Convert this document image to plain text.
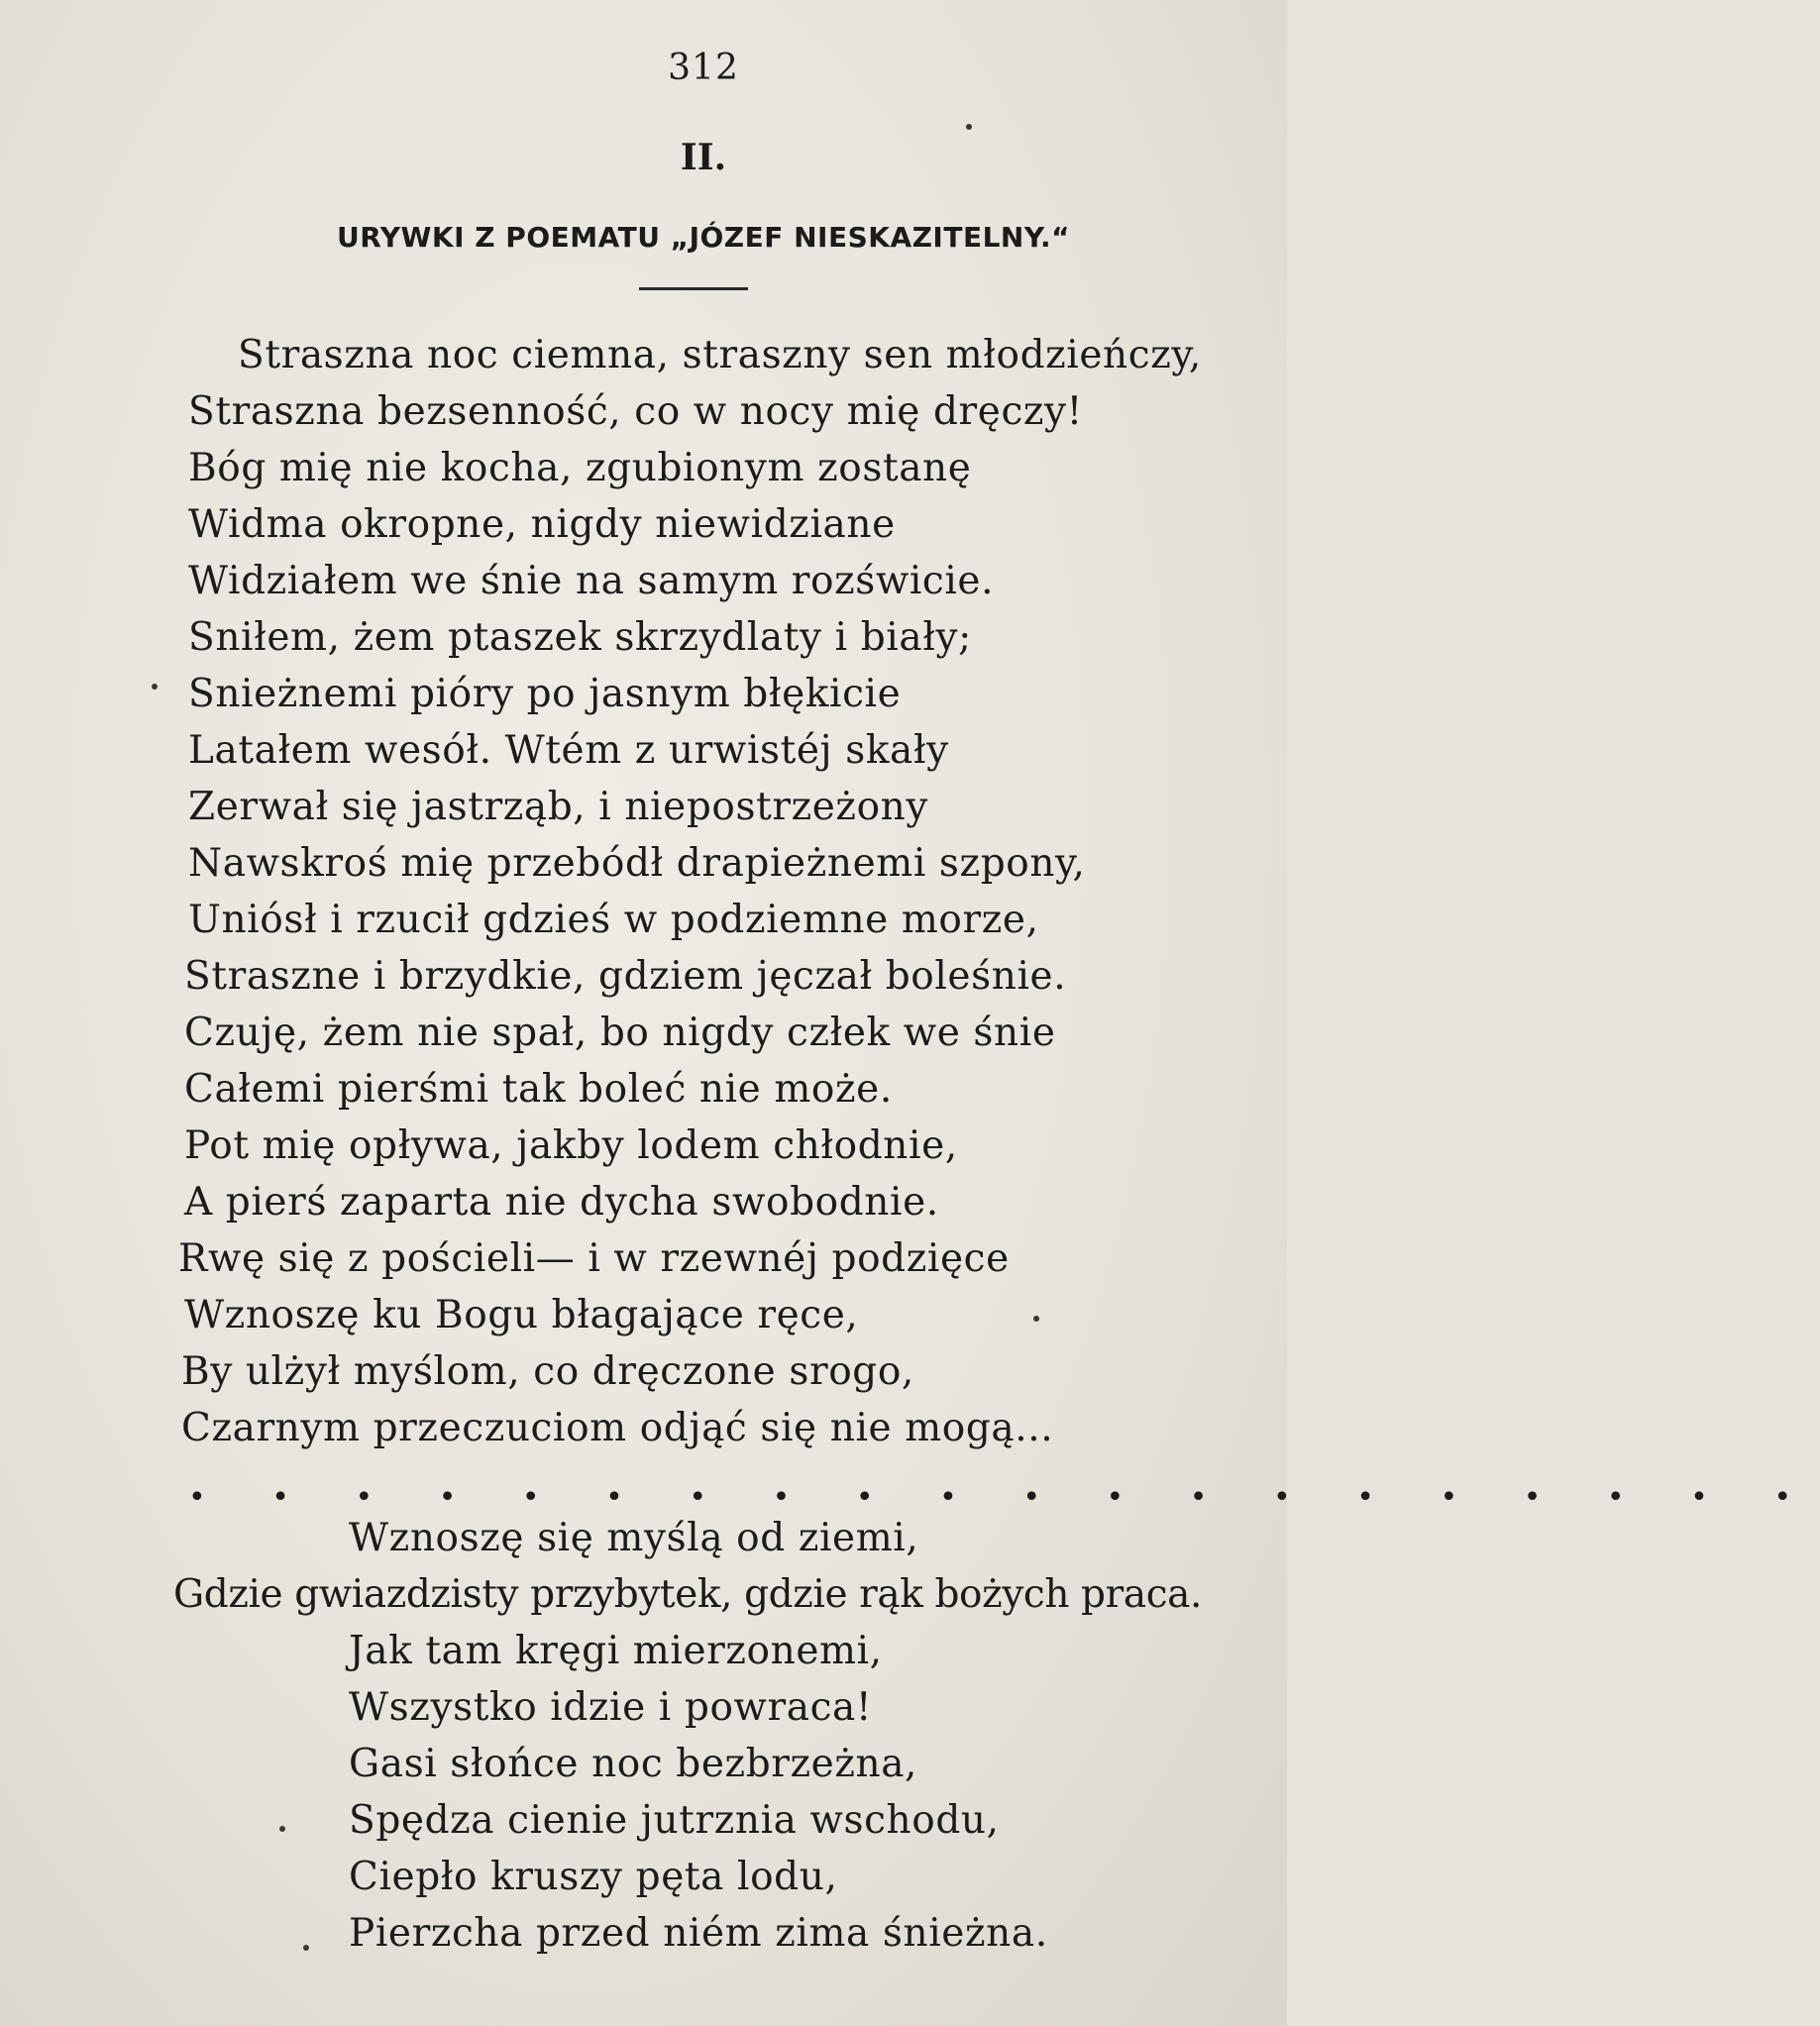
312
II.
URYWKI Z POEMATU „JÓZEF NIESKAZITELNY.“
Straszna noc ciemna, straszny sen młodzieńczy,
Straszna bezsenność, co w nocy mię dręczy!
Bóg mię nie kocha, zgubionym zostanę
Widma okropne, nigdy niewidziane
Widziałem we śnie na samym rozświcie.
Sniłem, żem ptaszek skrzydlaty i biały;
Snieżnemi pióry po jasnym błękicie
Latałem wesół. Wtém z urwistéj skały
Zerwał się jastrząb, i niepostrzeżony
Nawskroś mię przebódł drapieżnemi szpony,
Uniósł i rzucił gdzieś w podziemne morze,
Straszne i brzydkie, gdziem jęczał boleśnie.
Czuję, żem nie spał, bo nigdy człek we śnie
Całemi pierśmi tak boleć nie może.
Pot mię opływa, jakby lodem chłodnie,
A pierś zaparta nie dycha swobodnie.
Rwę się z pościeli— i w rzewnéj podzięce
Wznoszę ku Bogu błagające ręce,
By ulżył myślom, co dręczone srogo,
Czarnym przeczuciom odjąć się nie mogą...
• • • • • • • • • • • • • • • • • • • •
Wznoszę się myślą od ziemi,
Gdzie gwiazdzisty przybytek, gdzie rąk bożych praca.
Jak tam kręgi mierzonemi,
Wszystko idzie i powraca!
Gasi słońce noc bezbrzeżna,
Spędza cienie jutrznia wschodu,
Ciepło kruszy pęta lodu,
Pierzcha przed niém zima śnieżna.
